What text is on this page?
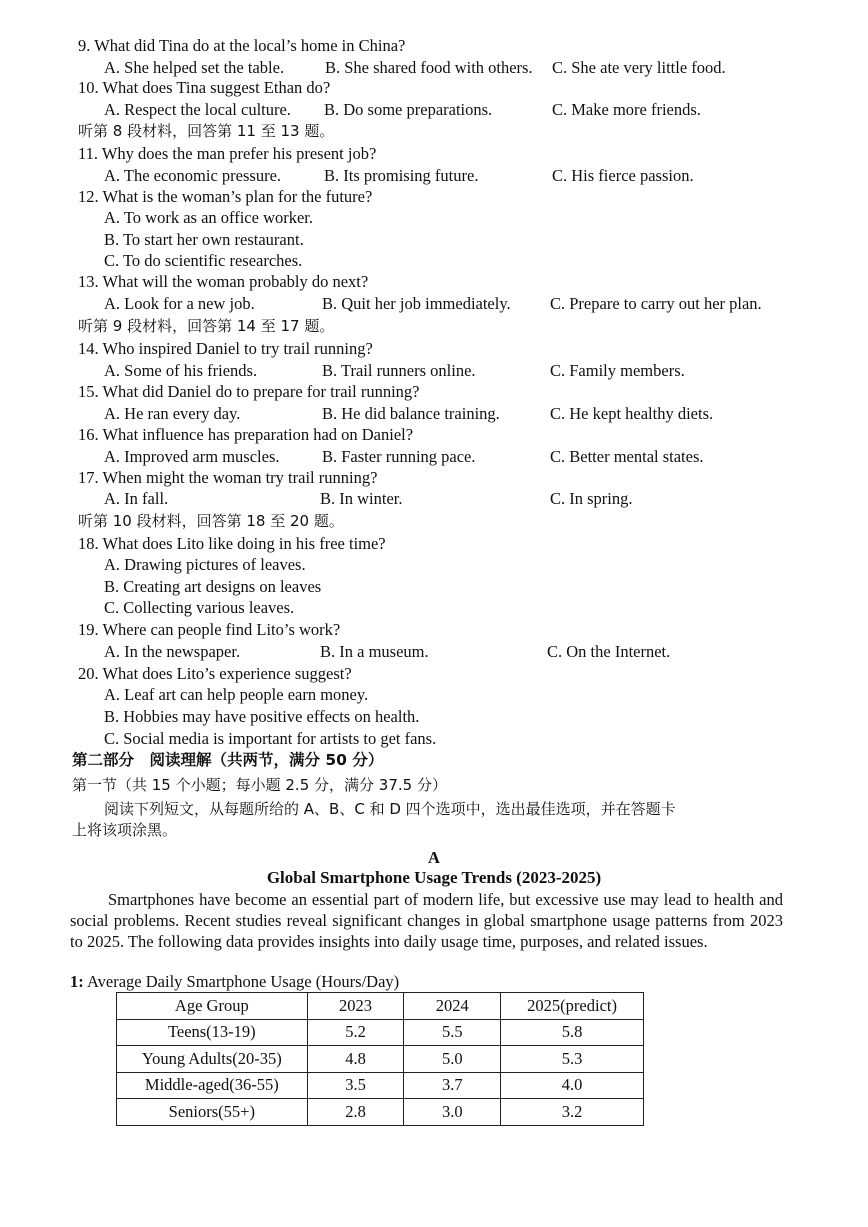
9. What did Tina do at the local’s home in China?
A. She helped set the table. B. She shared food with others. C. She ate very little food.
10. What does Tina suggest Ethan do?
A. Respect the local culture. B. Do some preparations.	C. Make more friends.
听第 8 段材料，回答第 11 至 13 题。
11. Why does the man prefer his present job?
A. The economic pressure.	B. Its promising future.	C. His fierce passion.
12. What is the woman’s plan for the future?
A. To work as an office worker.
B. To start her own restaurant.
C. To do scientific researches.
13. What will the woman probably do next?
A. Look for a new job.	B. Quit her job immediately. C. Prepare to carry out her plan.
听第 9 段材料，回答第 14 至 17 题。
14. Who inspired Daniel to try trail running?
A. Some of his friends.	B. Trail runners online.	C. Family members.
15. What did Daniel do to prepare for trail running?
A. He ran every day.	B. He did balance training.	C. He kept healthy diets.
16. What influence has preparation had on Daniel?
A. Improved arm muscles.	B. Faster running pace.	C. Better mental states.
17. When might the woman try trail running?
A. In fall.	B. In winter.	C. In spring.
听第 10 段材料，回答第 18 至 20 题。
18. What does Lito like doing in his free time?
A. Drawing pictures of leaves.
B. Creating art designs on leaves
C. Collecting various leaves.
19. Where can people find Lito’s work?
A. In the newspaper.	B. In a museum.	C. On the Internet.
20. What does Lito’s experience suggest?
A. Leaf art can help people earn money.
B. Hobbies may have positive effects on health.
C. Social media is important for artists to get fans.
第二部分　阅读理解（共两节，满分 50 分）
第一节（共 15 个小题；每小题 2.5 分，满分 37.5 分）
阅读下列短文，从每题所给的 A、B、C 和 D 四个选项中，选出最佳选项，并在答题卡
上将该项涂黑。
A
Global Smartphone Usage Trends (2023-2025)
Smartphones have become an essential part of modern life, but excessive use may lead to health and social problems. Recent studies reveal significant changes in global smartphone usage patterns from 2023 to 2025. The following data provides insights into daily usage time, purposes, and related issues.
1: Average Daily Smartphone Usage (Hours/Day)
Age Group	2023	2024	2025(predict)
Teens(13-19)	5.2	5.5	5.8
Young Adults(20-35)	4.8	5.0	5.3
Middle-aged(36-55)	3.5	3.7	4.0
Seniors(55+)	2.8	3.0	3.2
